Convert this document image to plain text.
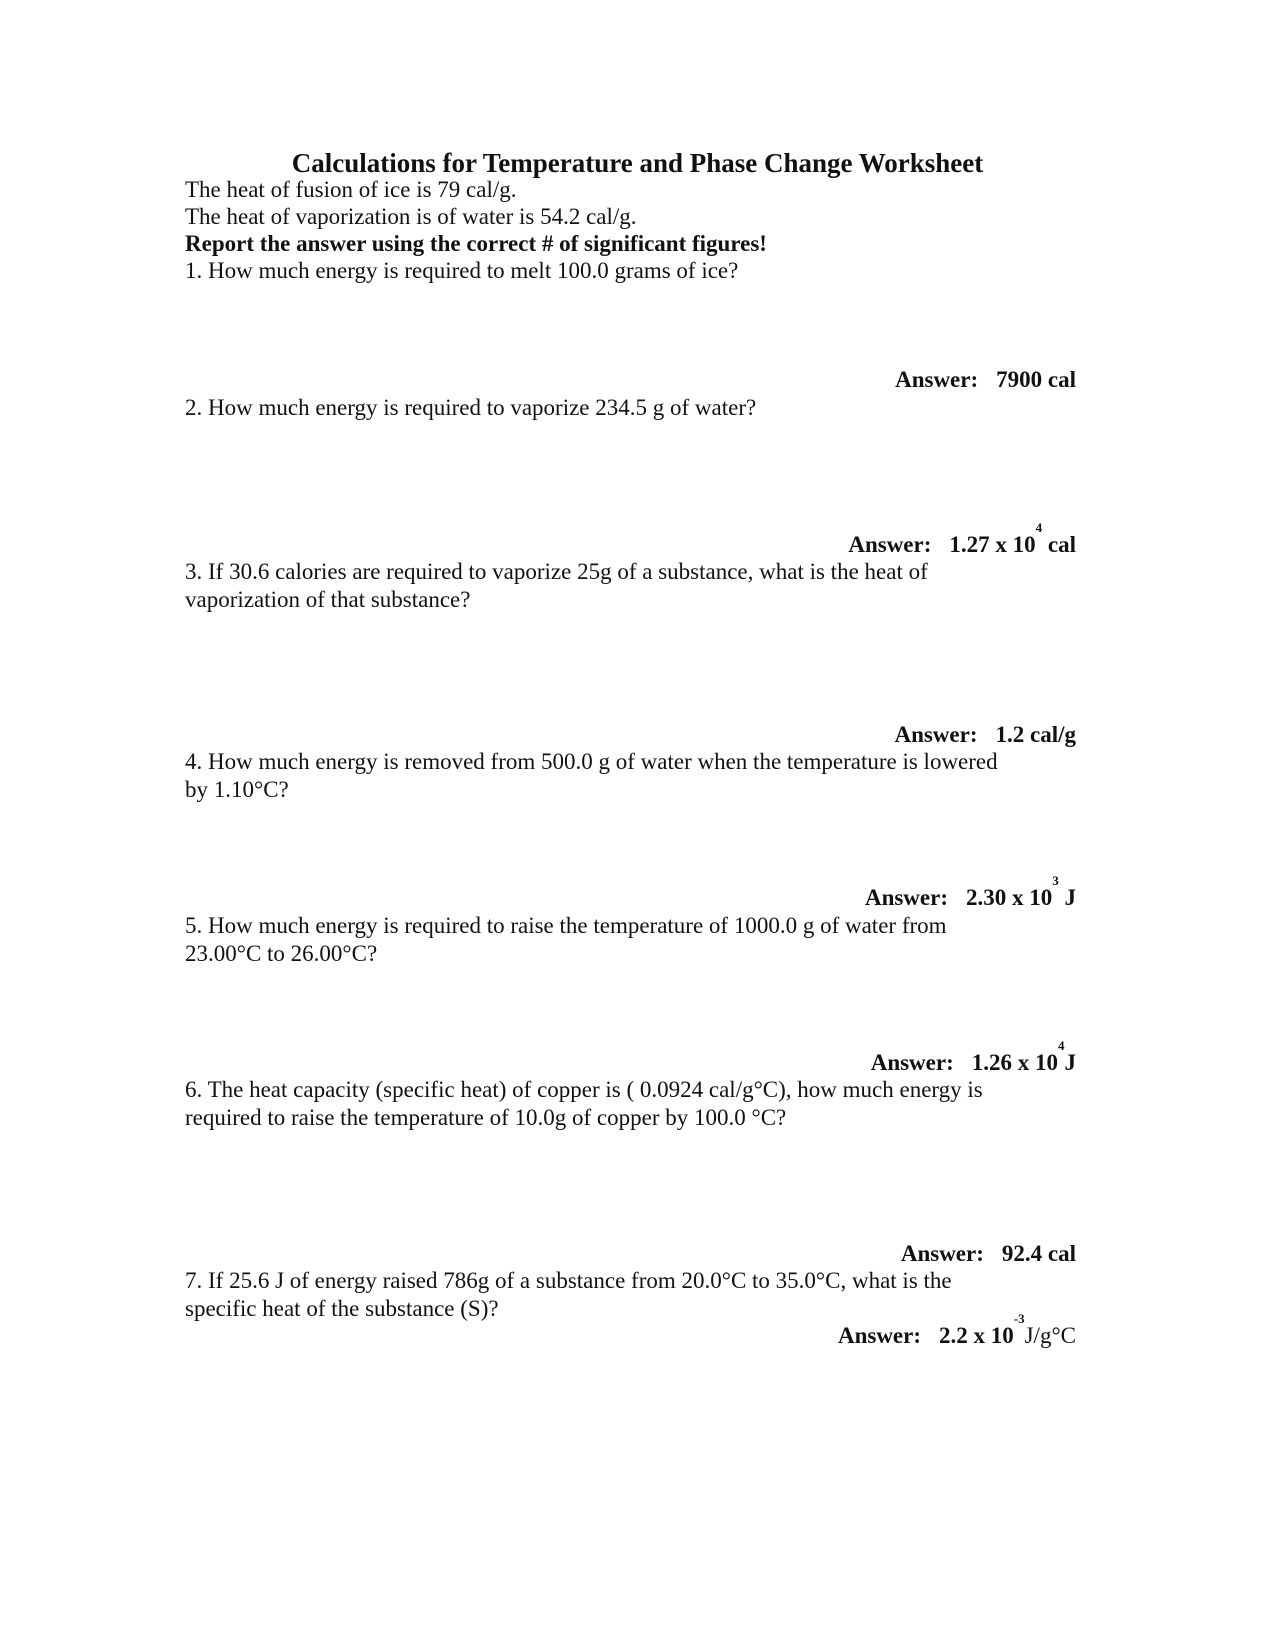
Calculations for Temperature and Phase Change Worksheet
The heat of fusion of ice is 79 cal/g.
The heat of vaporization is of water is 54.2 cal/g.
Report the answer using the correct # of significant figures!
1. How much energy is required to melt 100.0 grams of ice?
Answer: 7900 cal
2. How much energy is required to vaporize 234.5 g of water?
Answer: 1.27 x $10^4$ cal
3. If 30.6 calories are required to vaporize 25g of a substance, what is the heat of
vaporization of that substance?
Answer: 1.2 cal/g
4. How much energy is removed from 500.0 g of water when the temperature is lowered
by 1.10°C?
Answer: 2.30 x $10^3$ J
5. How much energy is required to raise the temperature of 1000.0 g of water from
23.00°C to 26.00°C?
Answer: 1.26 x $10^4J$
6. The heat capacity (specific heat) of copper is ( 0.0924 cal/g°C), how much energy is
required to raise the temperature of 10.0g of copper by 100.0 °C?
Answer: 92.4 cal
7. If 25.6 J of energy raised 786g of a substance from 20.0°C to 35.0°C, what is the
specific heat of the substance (S)?
Answer: 2.2 x $10^{-3}J/g^\circ C$
